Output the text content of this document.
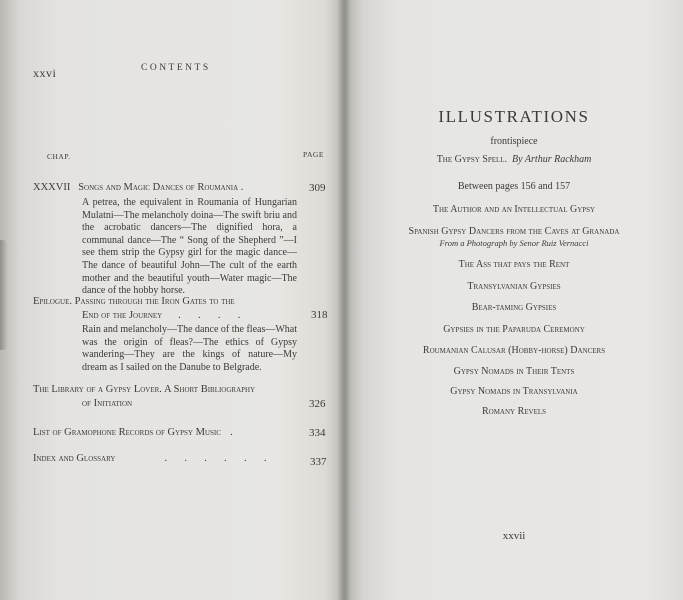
xxvi	CONTENTS
CHAP.	PAGE
XXXVII Songs and Magic Dances of Roumania .	309
A petrea, the equivalent in Roumania of Hungarian Mulatni—The melancholy doina—The swift briu and the acrobatic dancers—The dignified hora, a communal dance—The “ Song of the Shepherd ”—I see them strip the Gypsy girl for the magic dance—The dance of beautiful John—The cult of the earth mother and the beautiful youth—Water magic—The dance of the hobby horse.
Epilogue. Passing through the Iron Gates to the
End of the Journey   .  .  .  .	318
Rain and melancholy—The dance of the fleas—What was the origin of fleas?—The ethics of Gypsy wandering—They are the kings of nature—My dream as I sailed on the Danube to Belgrade.
The Library of a Gypsy Lover. A Short Bibliography
of Initiation	326
List of Gramophone Records of Gypsy Music  .	334
Index and Glossary        .  .  .  .  .  .	337
ILLUSTRATIONS
frontispiece
The Gypsy Spell. By Arthur Rackham
Between pages 156 and 157
The Author and an Intellectual Gypsy
Spanish Gypsy Dancers from the Caves at Granada
From a Photograph by Senor Ruiz Vernacci
The Ass that pays the Rent
Transylvanian Gypsies
Bear-taming Gypsies
Gypsies in the Paparuda Ceremony
Roumanian Calusar (Hobby-horse) Dancers
Gypsy Nomads in Their Tents
Gypsy Nomads in Transylvania
Romany Revels
xxvii
